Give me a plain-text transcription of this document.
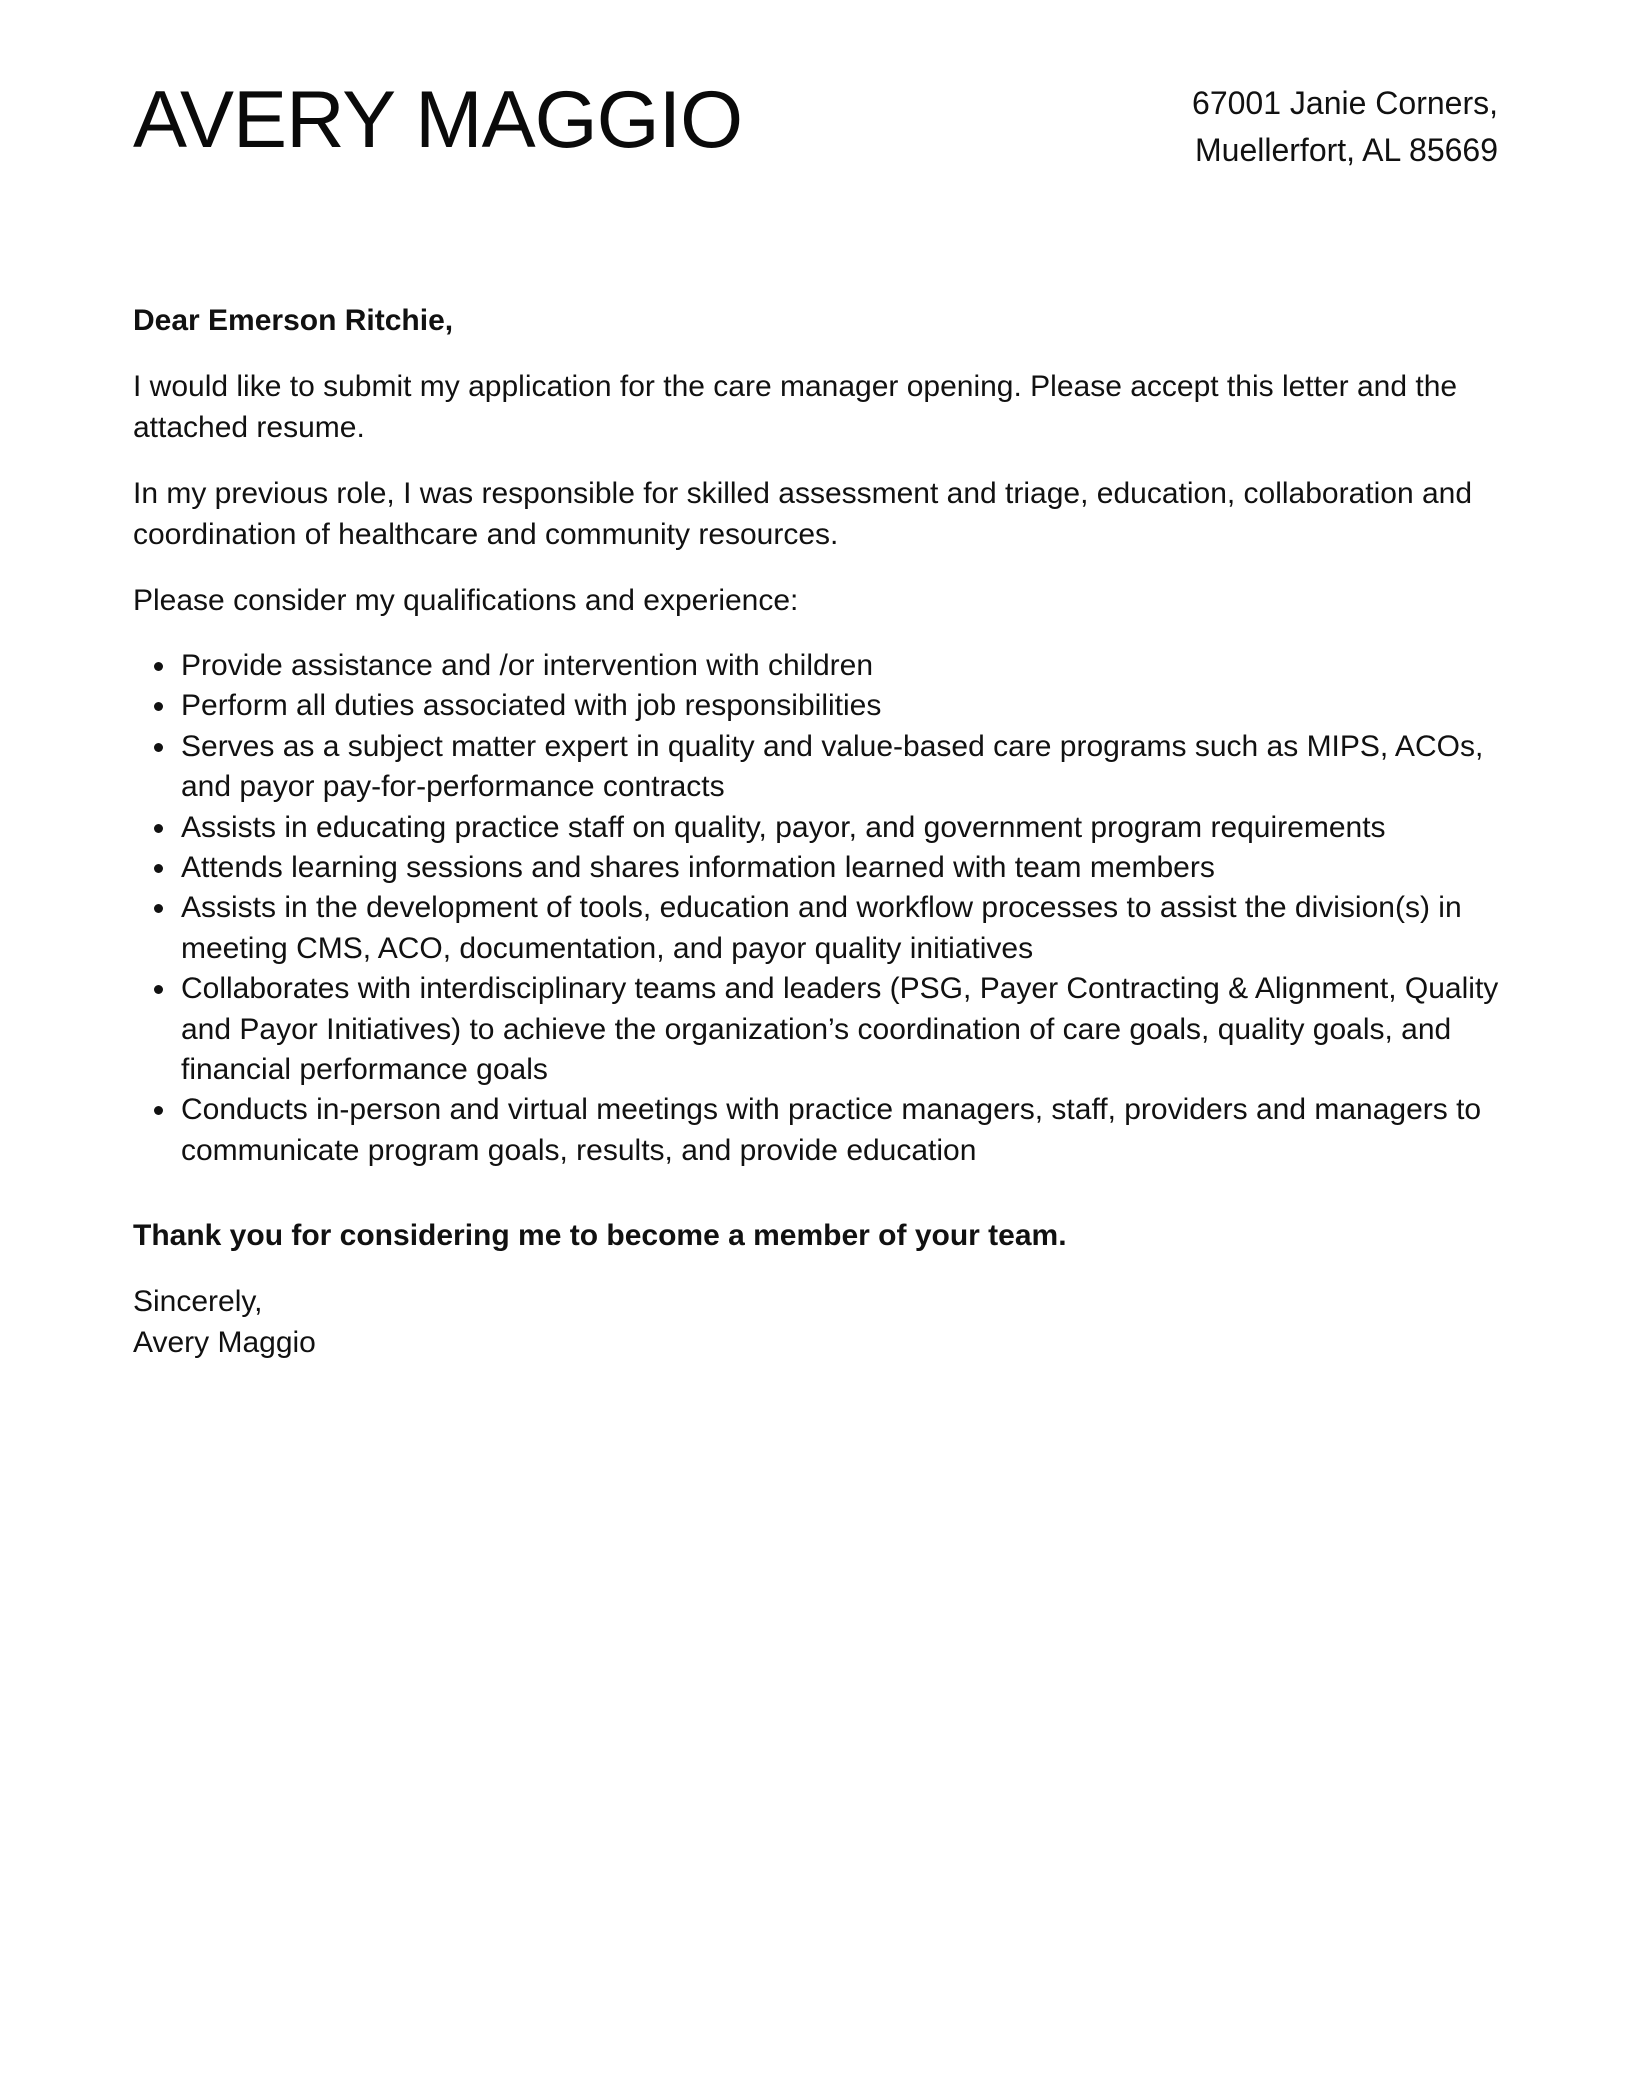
AVERY MAGGIO	67001 Janie Corners,
Muellerfort, AL 85669

Dear Emerson Ritchie,

I would like to submit my application for the care manager opening. Please accept this letter and the attached resume.

In my previous role, I was responsible for skilled assessment and triage, education, collaboration and coordination of healthcare and community resources.

Please consider my qualifications and experience:

Provide assistance and /or intervention with children
Perform all duties associated with job responsibilities
Serves as a subject matter expert in quality and value-based care programs such as MIPS, ACOs, and payor pay-for-performance contracts
Assists in educating practice staff on quality, payor, and government program requirements
Attends learning sessions and shares information learned with team members
Assists in the development of tools, education and workflow processes to assist the division(s) in meeting CMS, ACO, documentation, and payor quality initiatives
Collaborates with interdisciplinary teams and leaders (PSG, Payer Contracting & Alignment, Quality and Payor Initiatives) to achieve the organization’s coordination of care goals, quality goals, and financial performance goals
Conducts in-person and virtual meetings with practice managers, staff, providers and managers to communicate program goals, results, and provide education

Thank you for considering me to become a member of your team.

Sincerely,
Avery Maggio
